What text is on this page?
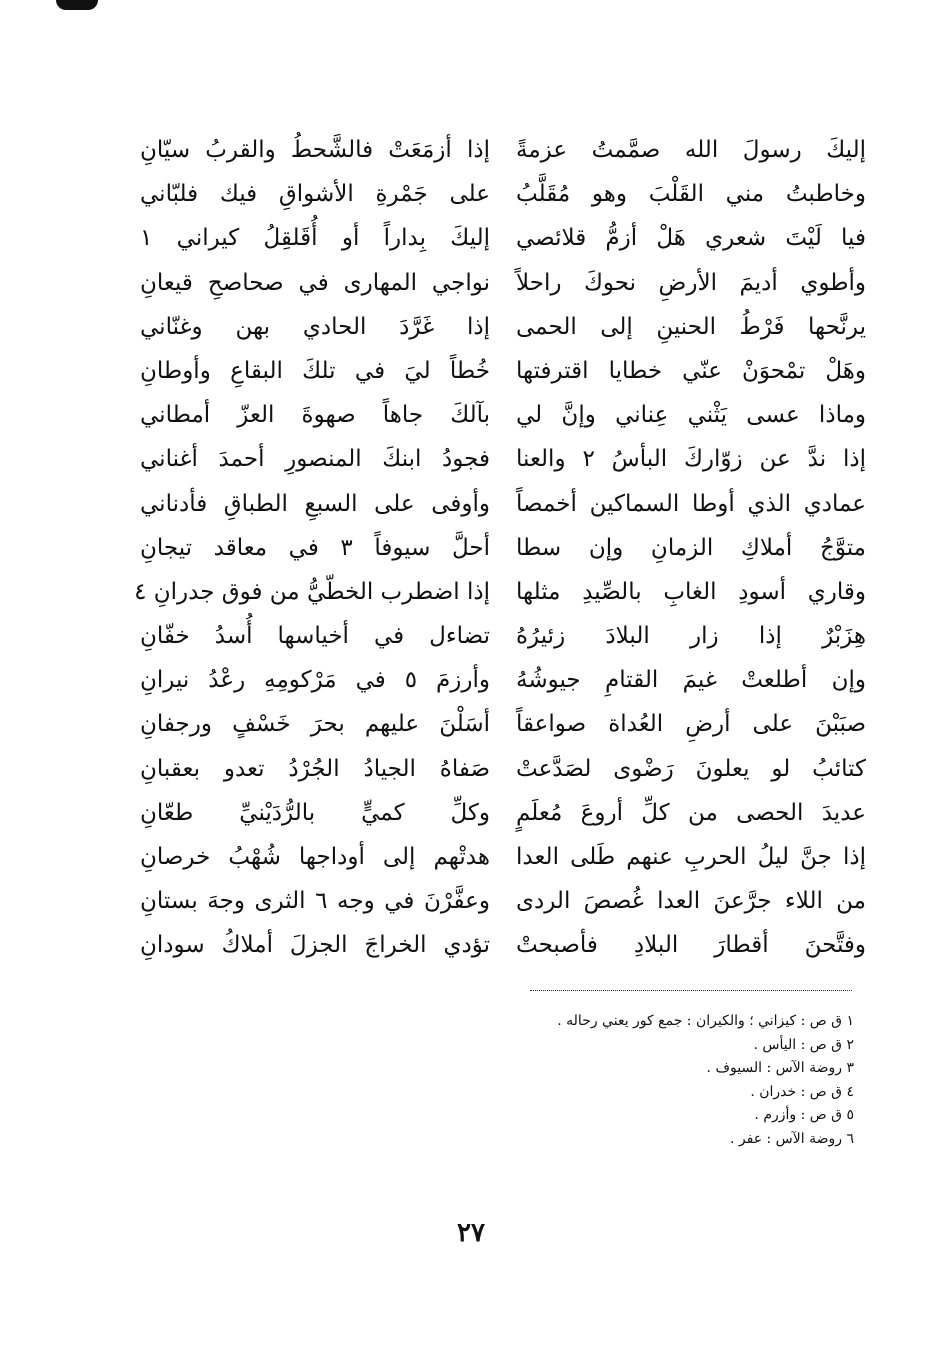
إليكَ رسولَ الله صمَّمتُ عزمةً
وخاطبتُ مني القَلْبَ وهو مُقَلَّبُ
فيا لَيْتَ شعري هَلْ أزمُّ قلائصي
وأطوي أديمَ الأرضِ نحوكَ راحلاً
يرنَّحها فَرْطُ الحنينِ إلى الحمى
وهَلْ تمْحوَنْ عنّي خطايا اقترفتها
وماذا عسى يَثْني عِناني وإنَّ لي
إذا ندَّ عن زوّاركَ البأسُ ٢ والعنا
عمادي الذي أوطا السماكين أخمصاً
متوَّجُ أملاكِ الزمانِ وإن سطا
وقاري أسودِ الغابِ بالصِّيدِ مثلها
هِزَبْرٌ إذا زار البلادَ زئيرُهُ
وإن أطلعتْ غيمَ القتامِ جيوشُهُ
صبَبْنَ على أرضِ العُداة صواعقاً
كتائبُ لو يعلونَ رَضْوى لصَدَّعتْ
عديدَ الحصى من كلِّ أروعَ مُعلَمٍ
إذا جنَّ ليلُ الحربِ عنهم طَلى العدا
من اللاء جرَّعنَ العدا غُصصَ الردى
وفتَّحنَ أقطارَ البلادِ فأصبحتْ
إذا أزمَعَتْ فالشَّحطُ والقربُ سيّانِ
على جَمْرةِ الأشواقِ فيك فلبّاني
إليكَ بِداراً أو أُقَلقِلُ كيراني ١
نواجي المهارى في صحاصحِ قيعانِ
إذا غَرَّدَ الحادي بهن وغنّاني
خُطاً ليَ في تلكَ البقاعِ وأوطانِ
بآلكَ جاهاً صهوةَ العزّ أمطاني
فجودُ ابنكَ المنصورِ أحمدَ أغناني
وأوفى على السبعِ الطباقِ فأدناني
أحلَّ سيوفاً ٣ في معاقد تيجانِ
إذا اضطرب الخطّيُّ من فوق جدرانِ ٤
تضاءل في أخياسها أُسدُ خفّانِ
وأرزمَ ٥ في مَرْكومِهِ رعْدُ نيرانِ
أسَلْنَ عليهم بحرَ خَسْفٍ ورجفانِ
صَفاهُ الجيادُ الجُرْدُ تعدو بعقبانِ
وكلِّ كميٍّ بالرُّدَيْنيِّ طعّانِ
هدتْهم إلى أوداجها شُهْبُ خرصانِ
وعفَّرْنَ في وجه ٦ الثرى وجهَ بستانِ
تؤدي الخراجَ الجزلَ أملاكُ سودانِ
١ ق ص : كيزاني ؛ والكيران : جمع كور يعني رحاله .
٢ ق ص : اليأس .
٣ روضة الآس : السيوف .
٤ ق ص : خدران .
٥ ق ص : وأزرم .
٦ روضة الآس : عفر .
٢٧
